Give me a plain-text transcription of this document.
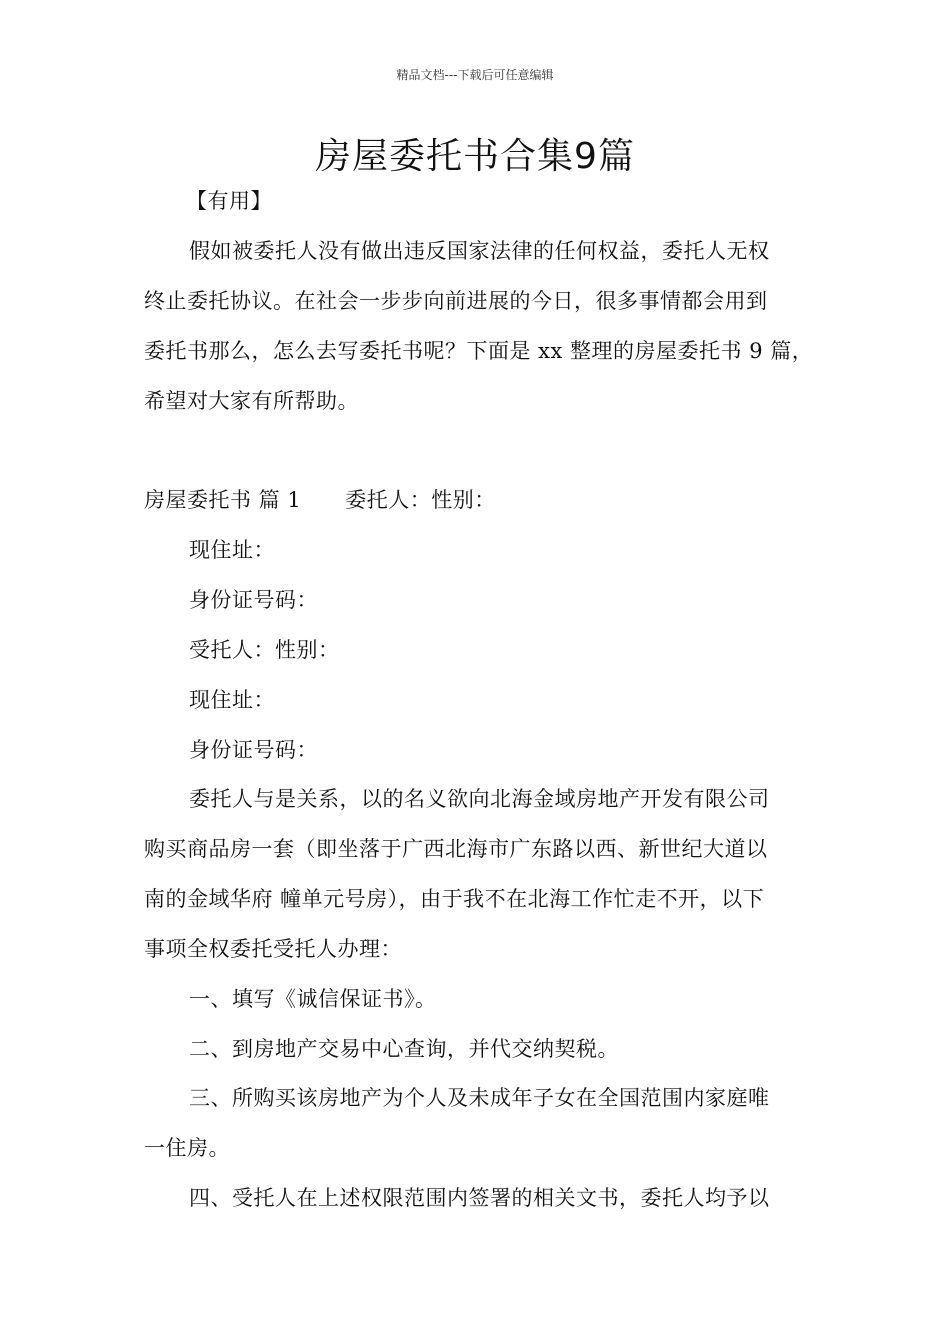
精品文档---下载后可任意编辑
房屋委托书合集9篇
【有用】
假如被委托人没有做出违反国家法律的任何权益，委托人无权
终止委托协议。在社会一步步向前进展的今日，很多事情都会用到
委托书那么，怎么去写委托书呢？下面是 xx 整理的房屋委托书 9 篇，
希望对大家有所帮助。
房屋委托书 篇 1 委托人：性别：
现住址：
身份证号码：
受托人：性别：
现住址：
身份证号码：
委托人与是关系，以的名义欲向北海金域房地产开发有限公司
购买商品房一套（即坐落于广西北海市广东路以西、新世纪大道以
南的金域华府 幢单元号房），由于我不在北海工作忙走不开，以下
事项全权委托受托人办理：
一、填写《诚信保证书》。
二、到房地产交易中心查询，并代交纳契税。
三、所购买该房地产为个人及未成年子女在全国范围内家庭唯
一住房。
四、受托人在上述权限范围内签署的相关文书，委托人均予以
